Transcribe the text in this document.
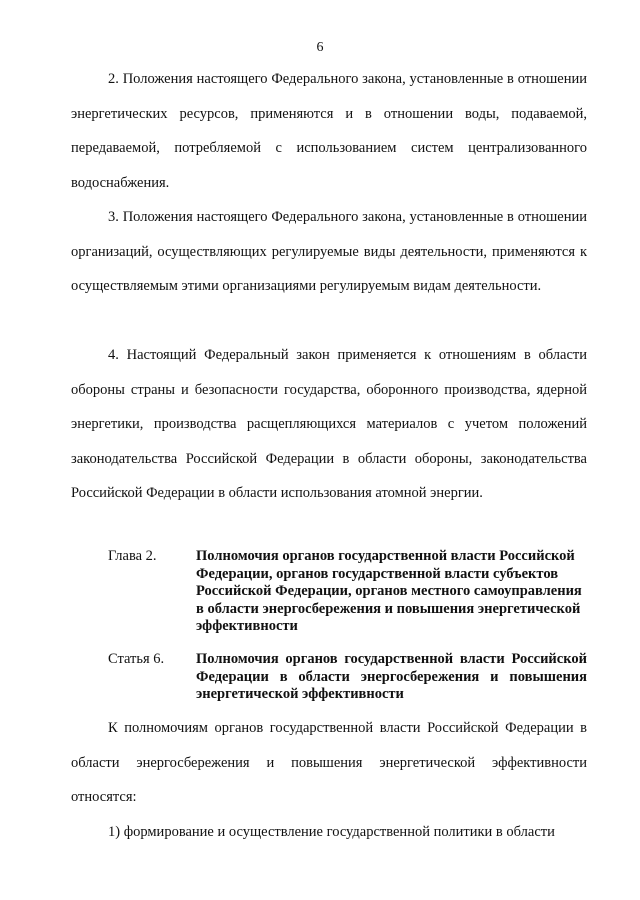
6

2. Положения настоящего Федерального закона, установленные в отношении энергетических ресурсов, применяются и в отношении воды, подаваемой, передаваемой, потребляемой с использованием систем централизованного водоснабжения.

3. Положения настоящего Федерального закона, установленные в отношении организаций, осуществляющих регулируемые виды деятельности, применяются к осуществляемым этими организациями регулируемым видам деятельности.

4. Настоящий Федеральный закон применяется к отношениям в области обороны страны и безопасности государства, оборонного производства, ядерной энергетики, производства расщепляющихся материалов с учетом положений законодательства Российской Федерации в области обороны, законодательства Российской Федерации в области использования атомной энергии.

Глава 2.	Полномочия органов государственной власти Российской Федерации, органов государственной власти субъектов Российской Федерации, органов местного самоуправления в области энергосбережения и повышения энергетической эффективности
Статья 6.	Полномочия органов государственной власти Российской Федерации в области энергосбережения и повышения энергетической эффективности

К полномочиям органов государственной власти Российской Федерации в области энергосбережения и повышения энергетической эффективности относятся:

1) формирование и осуществление государственной политики в области
